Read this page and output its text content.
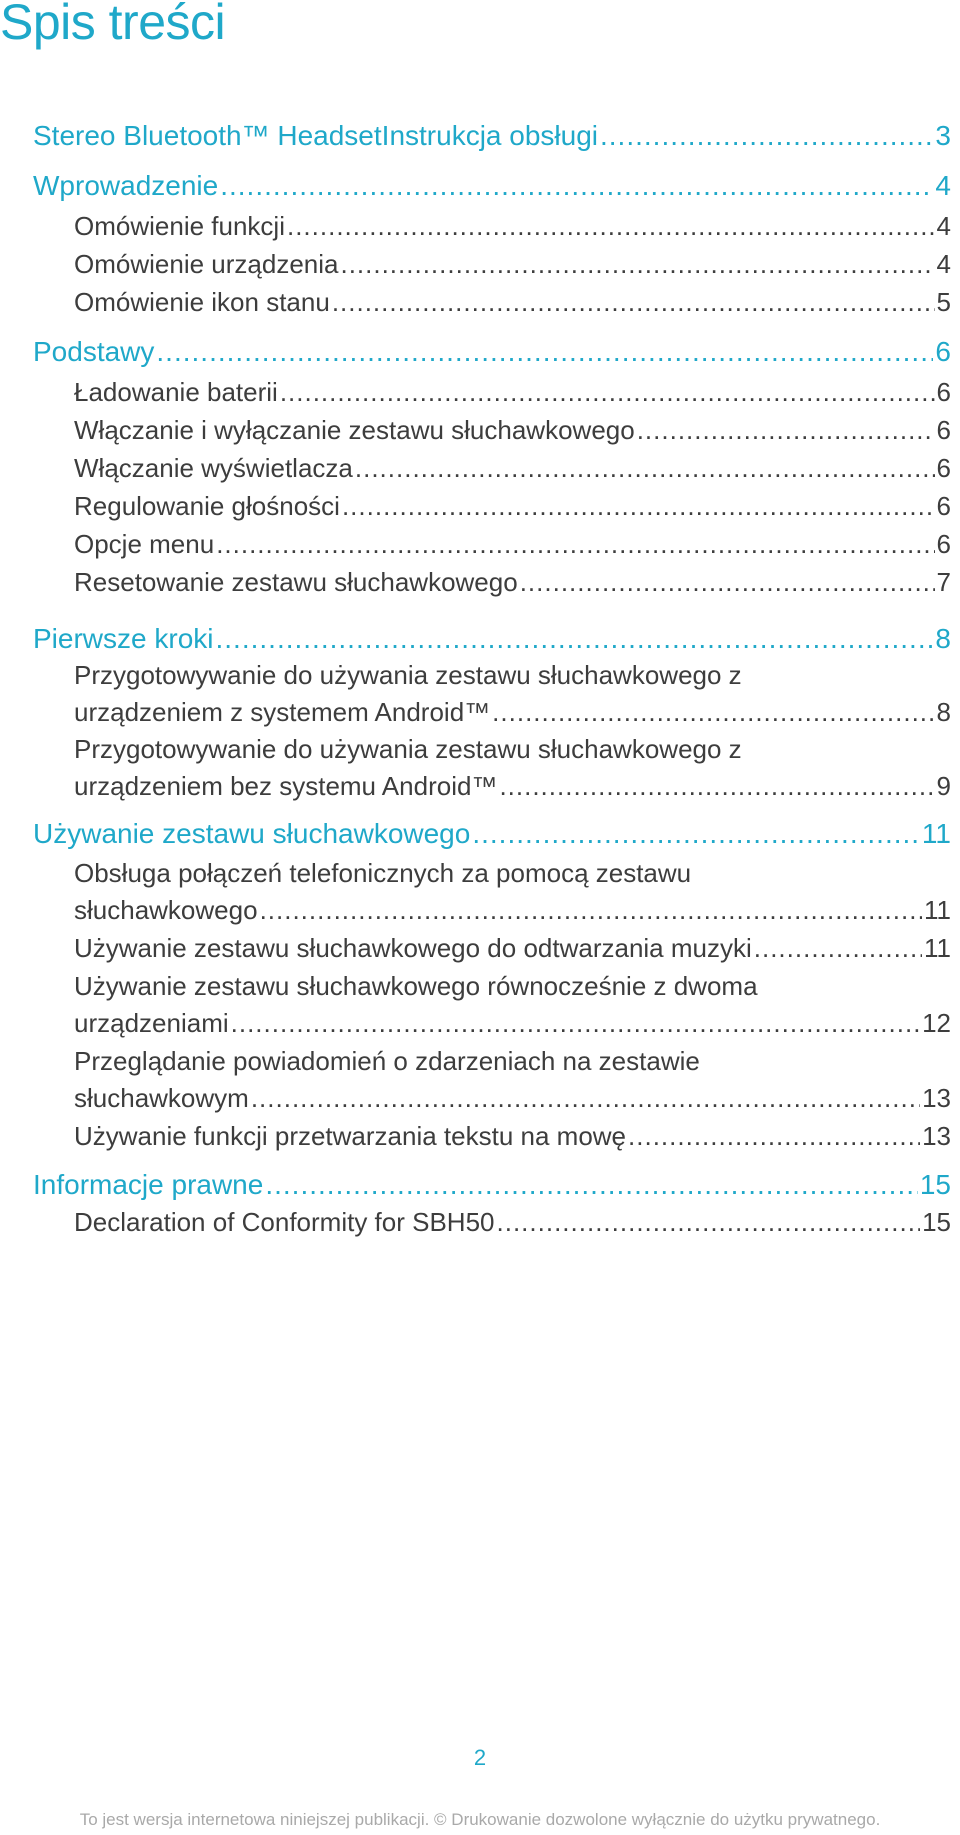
Spis treści
Stereo Bluetooth™ HeadsetInstrukcja obsługi .....	3
Wprowadzenie .....	4
Omówienie funkcji .....	4
Omówienie urządzenia .....	4
Omówienie ikon stanu .....	5
Podstawy .....	6
Ładowanie baterii .....	6
Włączanie i wyłączanie zestawu słuchawkowego .....	6
Włączanie wyświetlacza .....	6
Regulowanie głośności .....	6
Opcje menu .....	6
Resetowanie zestawu słuchawkowego .....	7
Pierwsze kroki .....	8
Przygotowywanie do używania zestawu słuchawkowego z
urządzeniem z systemem Android™ .....	8
Przygotowywanie do używania zestawu słuchawkowego z
urządzeniem bez systemu Android™ .....	9
Używanie zestawu słuchawkowego .....	11
Obsługa połączeń telefonicznych za pomocą zestawu
słuchawkowego .....	11
Używanie zestawu słuchawkowego do odtwarzania muzyki .....	11
Używanie zestawu słuchawkowego równocześnie z dwoma
urządzeniami .....	12
Przeglądanie powiadomień o zdarzeniach na zestawie
słuchawkowym .....	13
Używanie funkcji przetwarzania tekstu na mowę .....	13
Informacje prawne .....	15
Declaration of Conformity for SBH50 .....	15
2
To jest wersja internetowa niniejszej publikacji. © Drukowanie dozwolone wyłącznie do użytku prywatnego.
